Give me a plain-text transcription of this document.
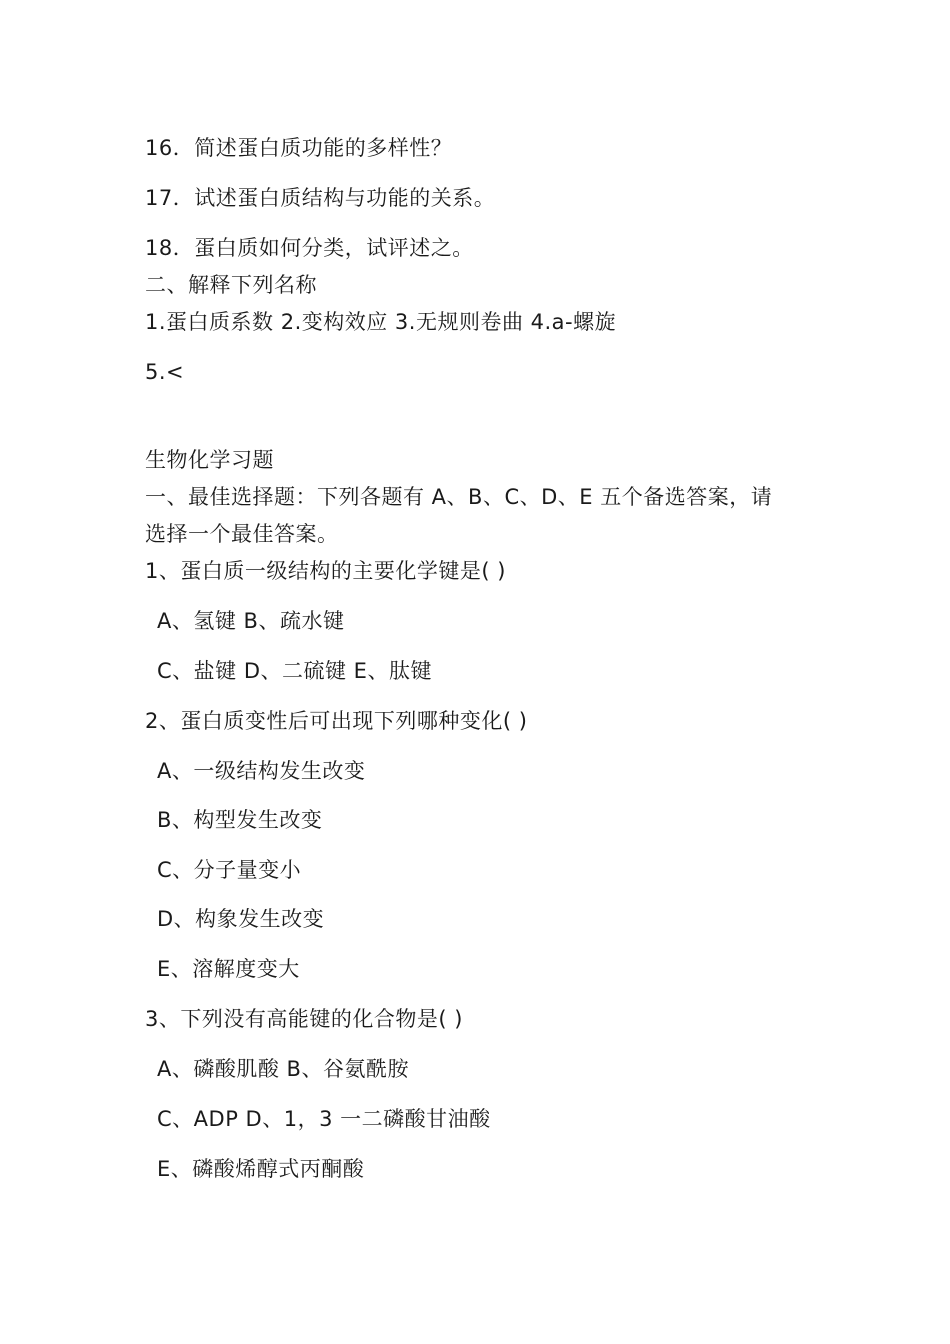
16．简述蛋白质功能的多样性？
17．试述蛋白质结构与功能的关系。
18．蛋白质如何分类，试评述之。
二、解释下列名称
1.蛋白质系数 2.变构效应 3.无规则卷曲 4.a-螺旋
5.<
生物化学习题
一、最佳选择题：下列各题有 A、B、C、D、E 五个备选答案，请
选择一个最佳答案。
1、蛋白质一级结构的主要化学键是( )
A、氢键 B、疏水键
C、盐键 D、二硫键 E、肽键
2、蛋白质变性后可出现下列哪种变化( )
A、一级结构发生改变
B、构型发生改变
C、分子量变小
D、构象发生改变
E、溶解度变大
3、下列没有高能键的化合物是( )
A、磷酸肌酸 B、谷氨酰胺
C、ADP D、1，3 一二磷酸甘油酸
E、磷酸烯醇式丙酮酸
